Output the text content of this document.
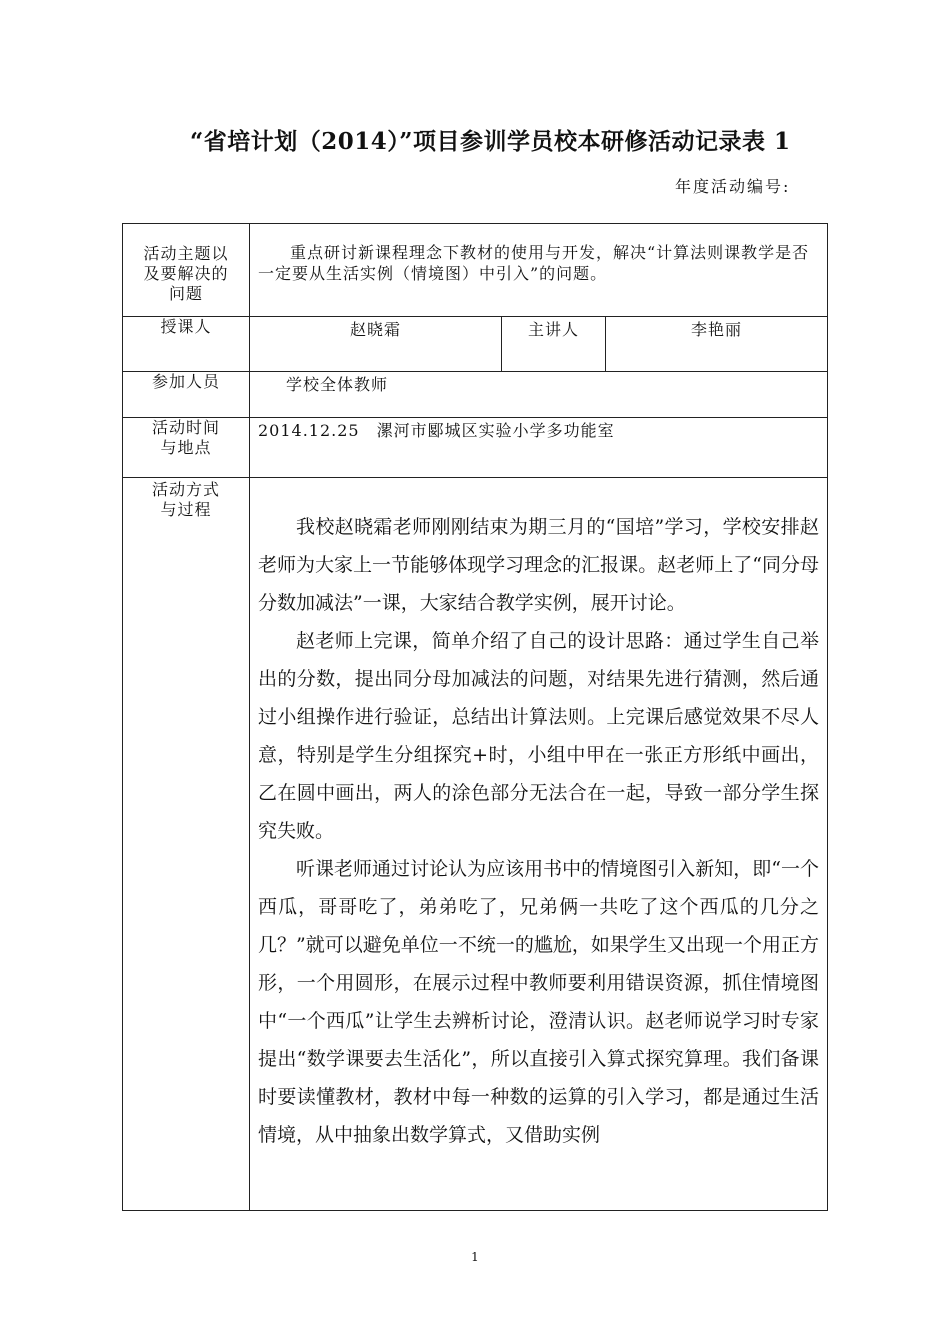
“省培计划（2014）”项目参训学员校本研修活动记录表 1
年度活动编号:
活动主题以及要解决的问题	重点研讨新课程理念下教材的使用与开发，解决“计算法则课教学是否一定要从生活实例（情境图）中引入”的问题。		

授课人	赵晓霜	主讲人	李艳丽

参加人员	学校全体教师		

活动时间与地点	2014.12.25　漯河市郾城区实验小学多功能室		

活动方式与过程	我校赵晓霜老师刚刚结束为期三月的“国培”学习，学校安排赵老师为大家上一节能够体现学习理念的汇报课。赵老师上了“同分母分数加减法”一课，大家结合教学实例，展开讨论。

赵老师上完课，简单介绍了自己的设计思路：通过学生自己举出的分数，提出同分母加减法的问题，对结果先进行猜测，然后通过小组操作进行验证，总结出计算法则。上完课后感觉效果不尽人意，特别是学生分组探究+时，小组中甲在一张正方形纸中画出，乙在圆中画出，两人的涂色部分无法合在一起，导致一部分学生探究失败。

听课老师通过讨论认为应该用书中的情境图引入新知，即“一个西瓜，哥哥吃了，弟弟吃了，兄弟俩一共吃了这个西瓜的几分之几？”就可以避免单位一不统一的尴尬，如果学生又出现一个用正方形，一个用圆形，在展示过程中教师要利用错误资源，抓住情境图中“一个西瓜”让学生去辨析讨论，澄清认识。赵老师说学习时专家提出“数学课要去生活化”，所以直接引入算式探究算理。我们备课时要读懂教材，教材中每一种数的运算的引入学习，都是通过生活情境，从中抽象出数学算式，又借助实例		

1
